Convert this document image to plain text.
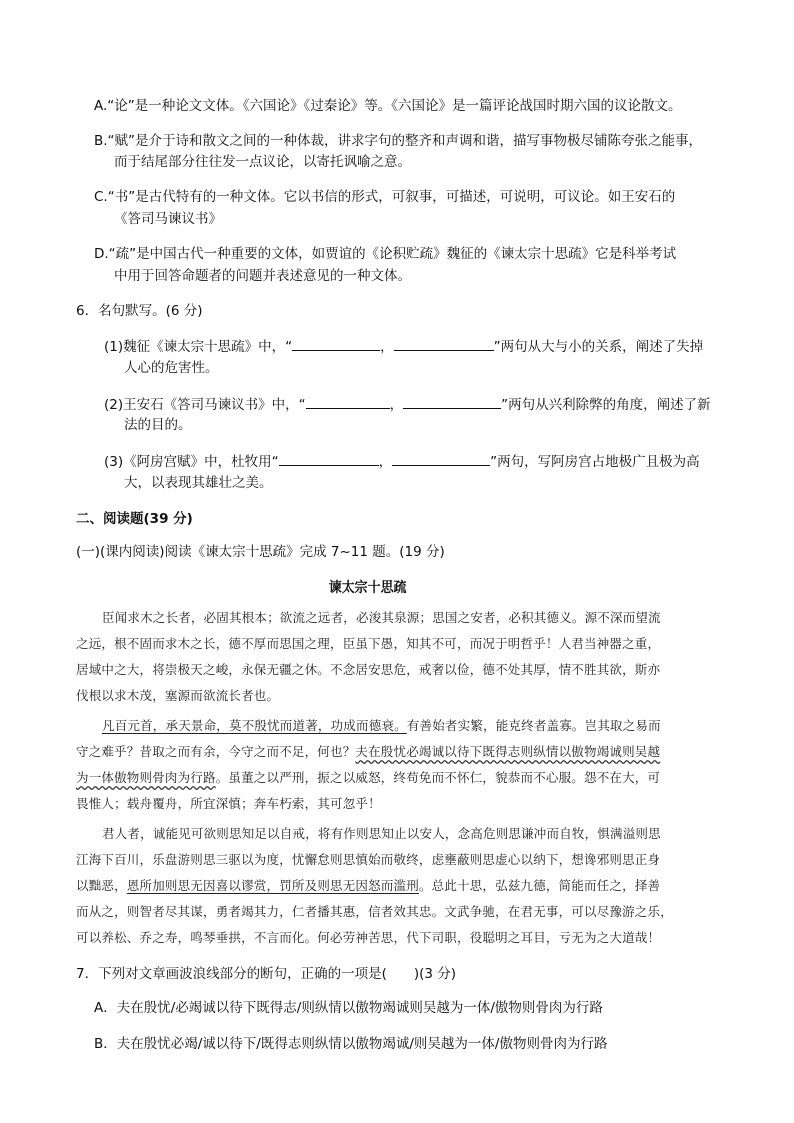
A.“论”是一种论文文体。《六国论》《过秦论》等。《六国论》是一篇评论战国时期六国的议论散文。
B.“赋”是介于诗和散文之间的一种体裁，讲求字句的整齐和声调和谐，描写事物极尽铺陈夸张之能事，
而于结尾部分往往发一点议论，以寄托讽喻之意。
C.“书”是古代特有的一种文体。它以书信的形式，可叙事，可描述，可说明，可议论。如王安石的
《答司马谏议书》
D.“疏”是中国古代一种重要的文体，如贾谊的《论积贮疏》魏征的《谏太宗十思疏》它是科举考试
中用于回答命题者的问题并表述意见的一种文体。
6．名句默写。(6 分)
(1)魏征《谏太宗十思疏》中，“	，	”两句从大与小的关系，阐述了失掉
人心的危害性。
(2)王安石《答司马谏议书》中，“	，	”两句从兴利除弊的角度，阐述了新
法的目的。
(3)《阿房宫赋》中，杜牧用“	，	”两句，写阿房宫占地极广且极为高
大，以表现其雄壮之美。
二、阅读题(39 分)
(一)(课内阅读)阅读《谏太宗十思疏》完成 7~11 题。(19 分)
谏太宗十思疏
臣闻求木之长者，必固其根本；欲流之远者，必浚其泉源；思国之安者，必积其德义。源不深而望流
之远，根不固而求木之长，德不厚而思国之理，臣虽下愚，知其不可，而况于明哲乎！人君当神器之重，
居域中之大，将崇极天之峻，永保无疆之休。不念居安思危，戒奢以俭，德不处其厚，情不胜其欲，斯亦
伐根以求木茂，塞源而欲流长者也。
凡百元首，承天景命，莫不殷忧而道著，功成而德衰。有善始者实繁，能克终者盖寡。岂其取之易而
守之难乎？昔取之而有余，今守之而不足，何也？夫在殷忧必竭诚以待下既得志则纵情以傲物竭诚则吴越
为一体傲物则骨肉为行路。虽董之以严刑，振之以威怒，终苟免而不怀仁，貌恭而不心服。怨不在大，可
畏惟人；载舟覆舟，所宜深慎；奔车朽索，其可忽乎！
君人者，诚能见可欲则思知足以自戒，将有作则思知止以安人，念高危则思谦冲而自牧，惧满溢则思
江海下百川，乐盘游则思三驱以为度，忧懈怠则思慎始而敬终，虑壅蔽则思虚心以纳下，想谗邪则思正身
以黜恶，恩所加则思无因喜以谬赏，罚所及则思无因怒而滥刑。总此十思，弘兹九德，简能而任之，择善
而从之，则智者尽其谋，勇者竭其力，仁者播其惠，信者效其忠。文武争驰，在君无事，可以尽豫游之乐，
可以养松、乔之寿，鸣琴垂拱，不言而化。何必劳神苦思，代下司职，役聪明之耳目，亏无为之大道哉！
7．下列对文章画波浪线部分的断句，正确的一项是(　　)(3 分)
A．夫在殷忧/必竭诚以待下既得志/则纵情以傲物竭诚则吴越为一体/傲物则骨肉为行路
B．夫在殷忧必竭/诚以待下/既得志则纵情以傲物竭诚/则吴越为一体/傲物则骨肉为行路
